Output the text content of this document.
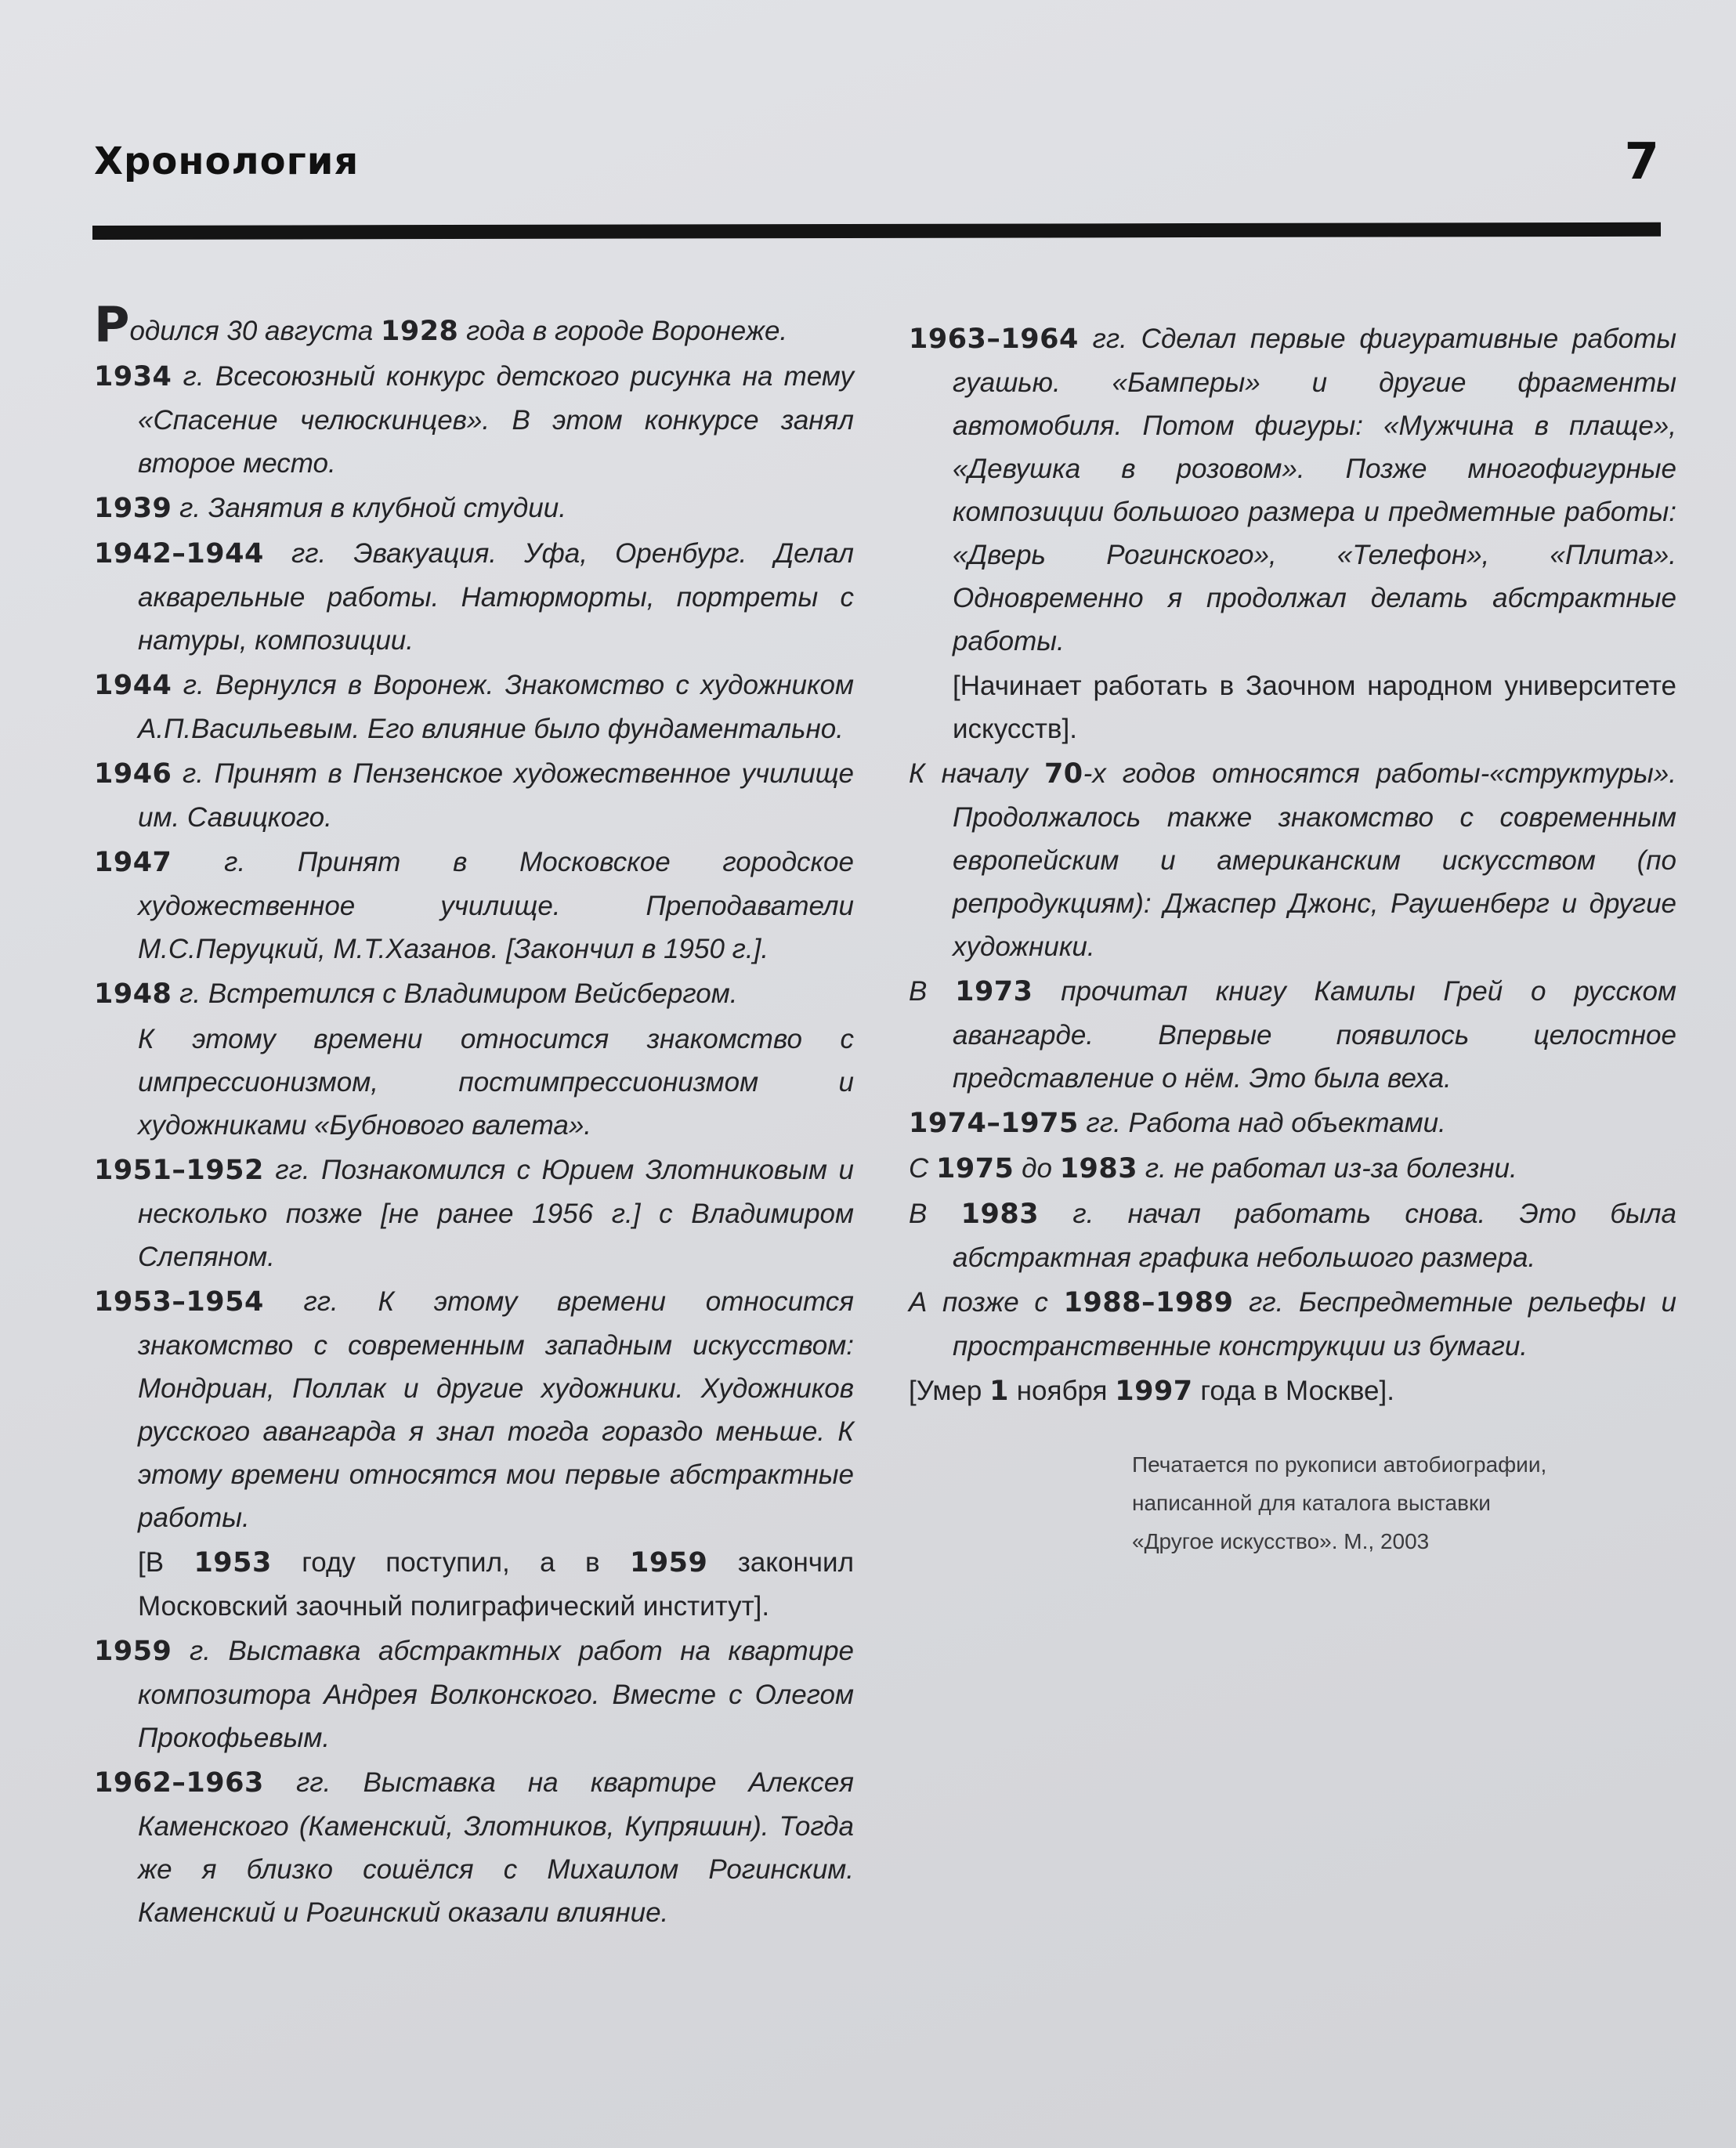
Хронология	7

Родился 30 августа 1928 года в городе Воронеже.

1934 г. Всесоюзный конкурс детского рисунка на тему «Спасение челюскинцев». В этом конкурсе занял второе место.

1939 г. Занятия в клубной студии.

1942–1944 гг. Эвакуация. Уфа, Оренбург. Делал акварельные работы. Натюрморты, портреты с натуры, композиции.

1944 г. Вернулся в Воронеж. Знакомство с художником А.П.Васильевым. Его влияние было фундаментально.

1946 г. Принят в Пензенское художественное училище им. Савицкого.

1947 г. Принят в Московское городское художественное училище. Преподаватели М.С.Перуцкий, М.Т.Хазанов. [Закончил в 1950 г.].

1948 г. Встретился с Владимиром Вейсбергом.

К этому времени относится знакомство с импрессионизмом, постимпрессионизмом и художниками «Бубнового валета».

1951–1952 гг. Познакомился с Юрием Злотниковым и несколько позже [не ранее 1956 г.] с Владимиром Слепяном.

1953–1954 гг. К этому времени относится знакомство с современным западным искусством: Мондриан, Поллак и другие художники. Художников русского авангарда я знал тогда гораздо меньше. К этому времени относятся мои первые абстрактные работы.

[В 1953 году поступил, а в 1959 закончил Московский заочный полиграфический институт].

1959 г. Выставка абстрактных работ на квартире композитора Андрея Волконского. Вместе с Олегом Прокофьевым.

1962–1963 гг. Выставка на квартире Алексея Каменского (Каменский, Злотников, Купряшин). Тогда же я близко сошёлся с Михаилом Рогинским. Каменский и Рогинский оказали влияние.

1963–1964 гг. Сделал первые фигуративные работы гуашью. «Бамперы» и другие фрагменты автомобиля. Потом фигуры: «Мужчина в плаще», «Девушка в розовом». Позже многофигурные композиции большого размера и предметные работы: «Дверь Рогинского», «Телефон», «Плита». Одновременно я продолжал делать абстрактные работы.

[Начинает работать в Заочном народном университете искусств].

К началу 70-х годов относятся работы-«структуры». Продолжалось также знакомство с современным европейским и американским искусством (по репродукциям): Джаспер Джонс, Раушенберг и другие художники.

В 1973 прочитал книгу Камилы Грей о русском авангарде. Впервые появилось целостное представление о нём. Это была веха.

1974–1975 гг. Работа над объектами.

С 1975 до 1983 г. не работал из-за болезни.

В 1983 г. начал работать снова. Это была абстрактная графика небольшого размера.

А позже с 1988–1989 гг. Беспредметные рельефы и пространственные конструкции из бумаги.

[Умер 1 ноября 1997 года в Москве].

Печатается по рукописи автобиографии,
написанной для каталога выставки
«Другое искусство». М., 2003
